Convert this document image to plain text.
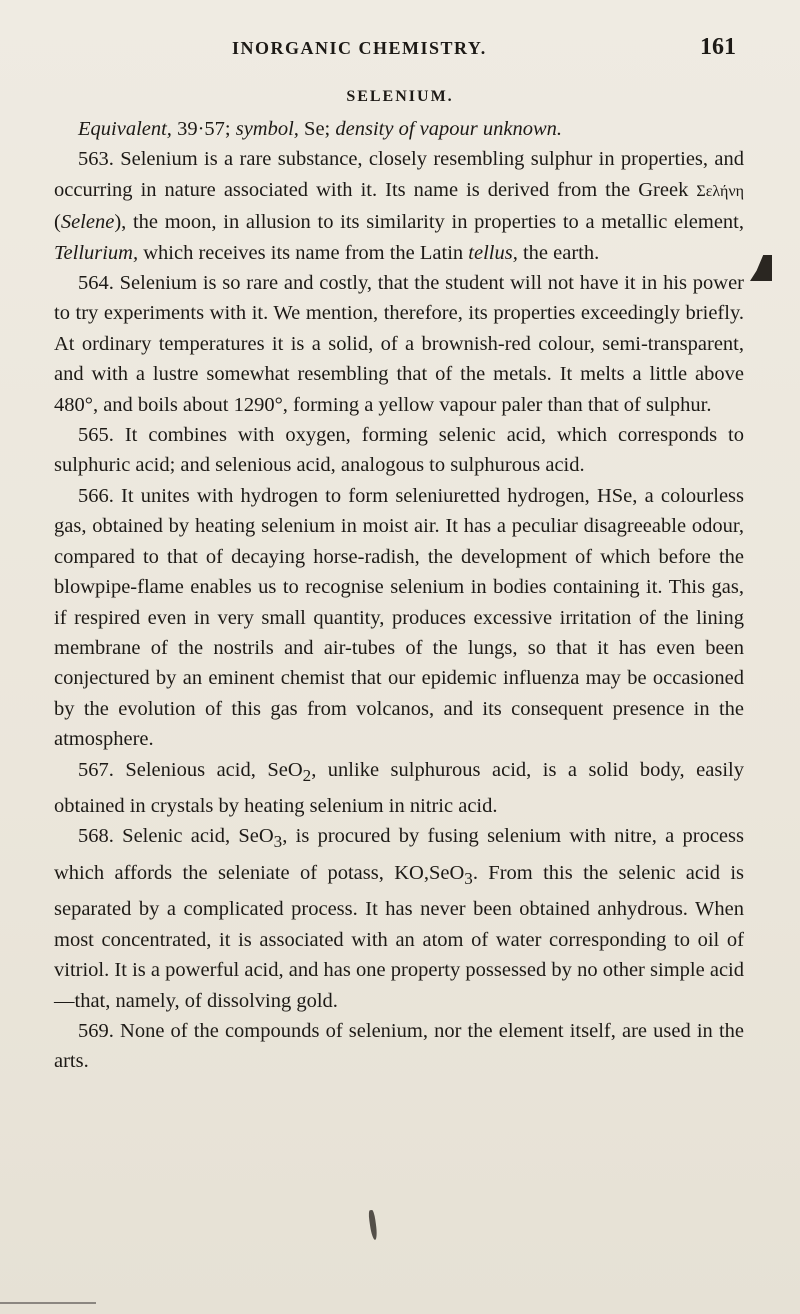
INORGANIC CHEMISTRY.	161
SELENIUM.

Equivalent, 39·57; symbol, Se; density of vapour unknown.

563. Selenium is a rare substance, closely resembling sulphur in properties, and occurring in nature associated with it. Its name is derived from the Greek Σελήνη (Selene), the moon, in allusion to its similarity in properties to a metallic element, Tellurium, which receives its name from the Latin tellus, the earth.

564. Selenium is so rare and costly, that the student will not have it in his power to try experiments with it. We mention, therefore, its properties exceedingly briefly. At ordinary temperatures it is a solid, of a brownish-red colour, semi-transparent, and with a lustre somewhat resembling that of the metals. It melts a little above 480°, and boils about 1290°, forming a yellow vapour paler than that of sulphur.

565. It combines with oxygen, forming selenic acid, which corresponds to sulphuric acid; and selenious acid, analogous to sulphurous acid.

566. It unites with hydrogen to form seleniuretted hydrogen, HSe, a colourless gas, obtained by heating selenium in moist air. It has a peculiar disagreeable odour, compared to that of decaying horse-radish, the development of which before the blowpipe-flame enables us to recognise selenium in bodies containing it. This gas, if respired even in very small quantity, produces excessive irritation of the lining membrane of the nostrils and air-tubes of the lungs, so that it has even been conjectured by an eminent chemist that our epidemic influenza may be occasioned by the evolution of this gas from volcanos, and its consequent presence in the atmosphere.

567. Selenious acid, SeO$_2$, unlike sulphurous acid, is a solid body, easily obtained in crystals by heating selenium in nitric acid.

568. Selenic acid, SeO$_3$, is procured by fusing selenium with nitre, a process which affords the seleniate of potass, KO,SeO$_3$. From this the selenic acid is separated by a complicated process. It has never been obtained anhydrous. When most concentrated, it is associated with an atom of water corresponding to oil of vitriol. It is a powerful acid, and has one property possessed by no other simple acid—that, namely, of dissolving gold.

569. None of the compounds of selenium, nor the element itself, are used in the arts.
